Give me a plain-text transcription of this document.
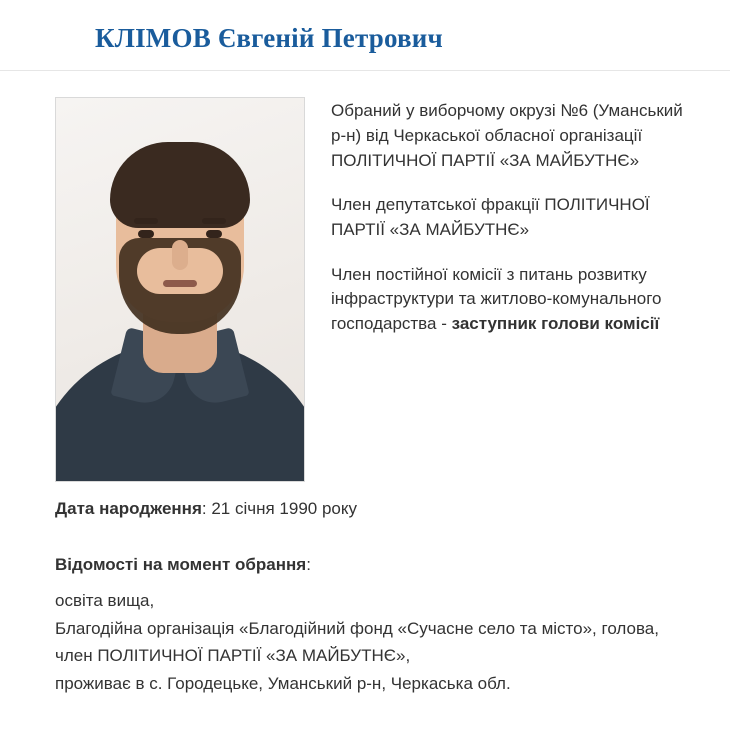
КЛІМОВ Євгеній Петрович

Обраний у виборчому окрузі №6 (Уманський р-н) від Черкаської обласної організації ПОЛІТИЧНОЇ ПАРТІЇ «ЗА МАЙБУТНЄ»

Член депутатської фракції ПОЛІТИЧНОЇ ПАРТІЇ «ЗА МАЙБУТНЄ»

Член постійної комісії з питань розвитку інфраструктури та житлово-комунального господарства - заступник голови комісії

Дата народження: 21 січня 1990 року

Відомості на момент обрання:

освіта вища,

Благодійна організація «Благодійний фонд «Сучасне село та місто», голова,

член ПОЛІТИЧНОЇ ПАРТІЇ «ЗА МАЙБУТНЄ»,

проживає в с. Городецьке, Уманський р-н, Черкаська обл.
